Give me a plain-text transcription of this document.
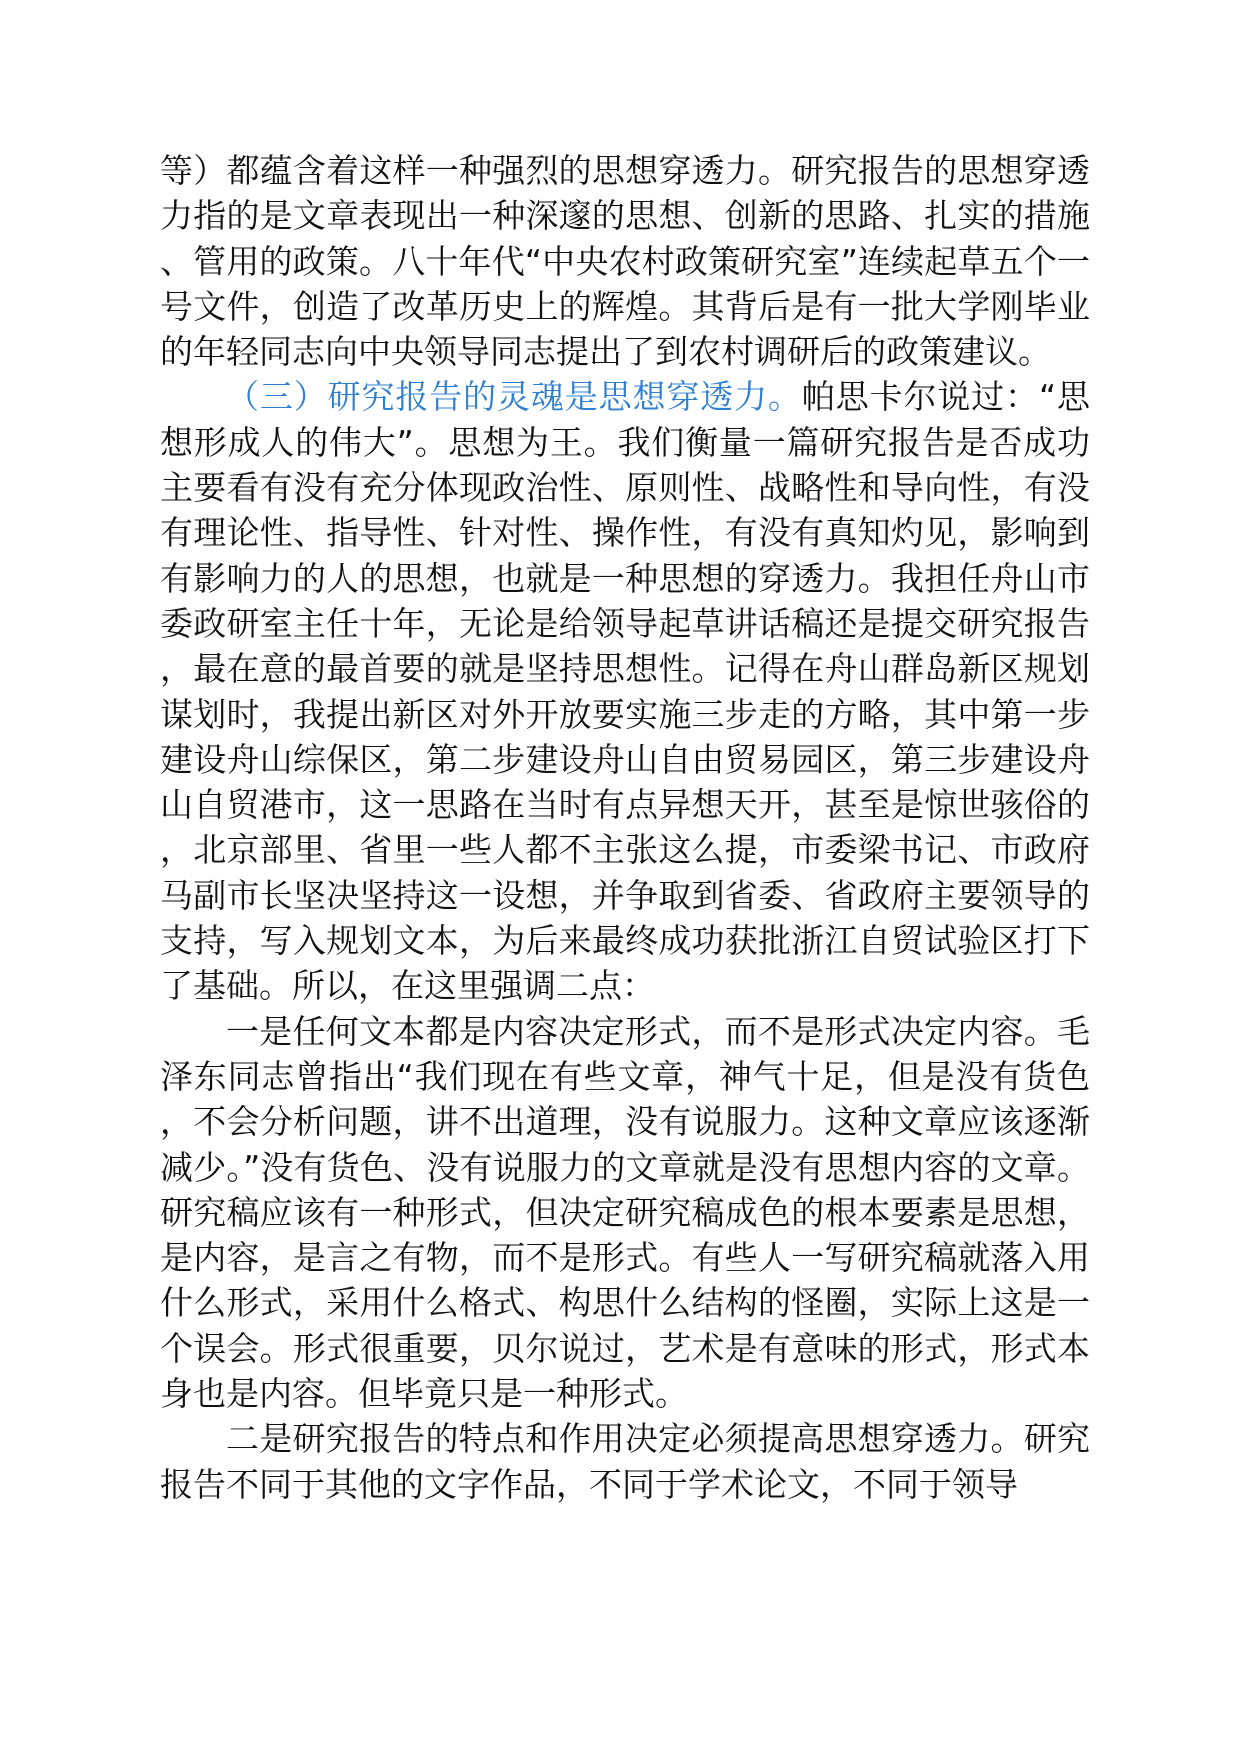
等）都蕴含着这样一种强烈的思想穿透力。研究报告的思想穿透力指的是文章表现出一种深邃的思想、创新的思路、扎实的措施、管用的政策。八十年代“中央农村政策研究室”连续起草五个一号文件，创造了改革历史上的辉煌。其背后是有一批大学刚毕业的年轻同志向中央领导同志提出了到农村调研后的政策建议。

（三）研究报告的灵魂是思想穿透力。帕思卡尔说过：“思想形成人的伟大”。思想为王。我们衡量一篇研究报告是否成功主要看有没有充分体现政治性、原则性、战略性和导向性，有没有理论性、指导性、针对性、操作性，有没有真知灼见，影响到有影响力的人的思想，也就是一种思想的穿透力。我担任舟山市委政研室主任十年，无论是给领导起草讲话稿还是提交研究报告，最在意的最首要的就是坚持思想性。记得在舟山群岛新区规划谋划时，我提出新区对外开放要实施三步走的方略，其中第一步建设舟山综保区，第二步建设舟山自由贸易园区，第三步建设舟山自贸港市，这一思路在当时有点异想天开，甚至是惊世骇俗的，北京部里、省里一些人都不主张这么提，市委梁书记、市政府马副市长坚决坚持这一设想，并争取到省委、省政府主要领导的支持，写入规划文本，为后来最终成功获批浙江自贸试验区打下了基础。所以，在这里强调二点：

一是任何文本都是内容决定形式，而不是形式决定内容。毛泽东同志曾指出“我们现在有些文章，神气十足，但是没有货色，不会分析问题，讲不出道理，没有说服力。这种文章应该逐渐减少。”没有货色、没有说服力的文章就是没有思想内容的文章。研究稿应该有一种形式，但决定研究稿成色的根本要素是思想，是内容，是言之有物，而不是形式。有些人一写研究稿就落入用什么形式，采用什么格式、构思什么结构的怪圈，实际上这是一个误会。形式很重要，贝尔说过，艺术是有意味的形式，形式本身也是内容。但毕竟只是一种形式。

二是研究报告的特点和作用决定必须提高思想穿透力。研究报告不同于其他的文字作品，不同于学术论文，不同于领导
